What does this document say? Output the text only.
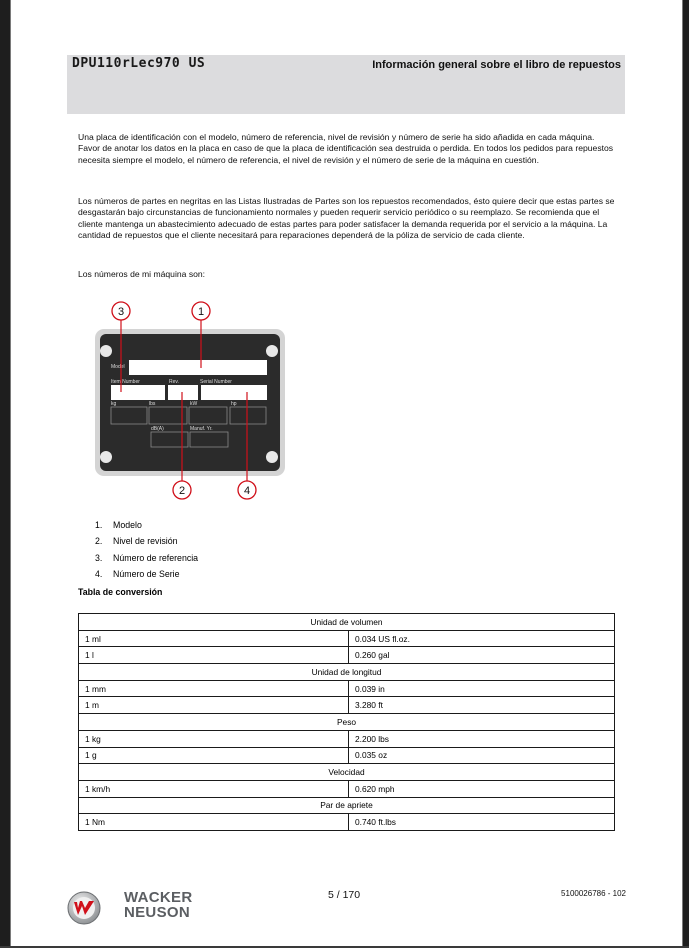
DPU110rLec970 US	Información general sobre el libro de repuestos

Una placa de identificación con el modelo, número de referencia, nivel de revisión y número de serie ha sido añadida en cada máquina. Favor de anotar los datos en la placa en caso de que la placa de identificación sea destruida o perdida. En todos los pedidos para repuestos necesita siempre el modelo, el número de referencia, el nivel de revisión y el número de serie de la máquina en cuestión.

Los números de partes en negritas en las Listas Ilustradas de Partes son los repuestos recomendados, ésto quiere decir que estas partes se desgastarán bajo circunstancias de funcionamiento normales y pueden requerir servicio periódico o su reemplazo. Se recomienda que el cliente mantenga un abastecimiento adecuado de estas partes para poder satisfacer la demanda requerida por el servicio a la máquina. La cantidad de repuestos que el cliente necesitará para reparaciones dependerá de la póliza de servicio de cada cliente.

Los números de mi máquina son:

Model
Item Number	Rev.	Serial Number
kg	lbs	kW	hp
dB(A)	Manuf. Yr.
1
2
3
4
1.	Modelo
2.	Nivel de revisión
3.	Número de referencia
4.	Número de Serie
Tabla de conversión
Unidad de volumen	
1 ml	0.034 US fl.oz.
1 l	0.260 gal
Unidad de longitud	
1 mm	0.039 in
1 m	3.280 ft
Peso	
1 kg	2.200 lbs
1 g	0.035 oz
Velocidad	
1 km/h	0.620 mph
Par de apriete	
1 Nm	0.740 ft.lbs
WACKER
NEUSON
5 / 170	5100026786 - 102
